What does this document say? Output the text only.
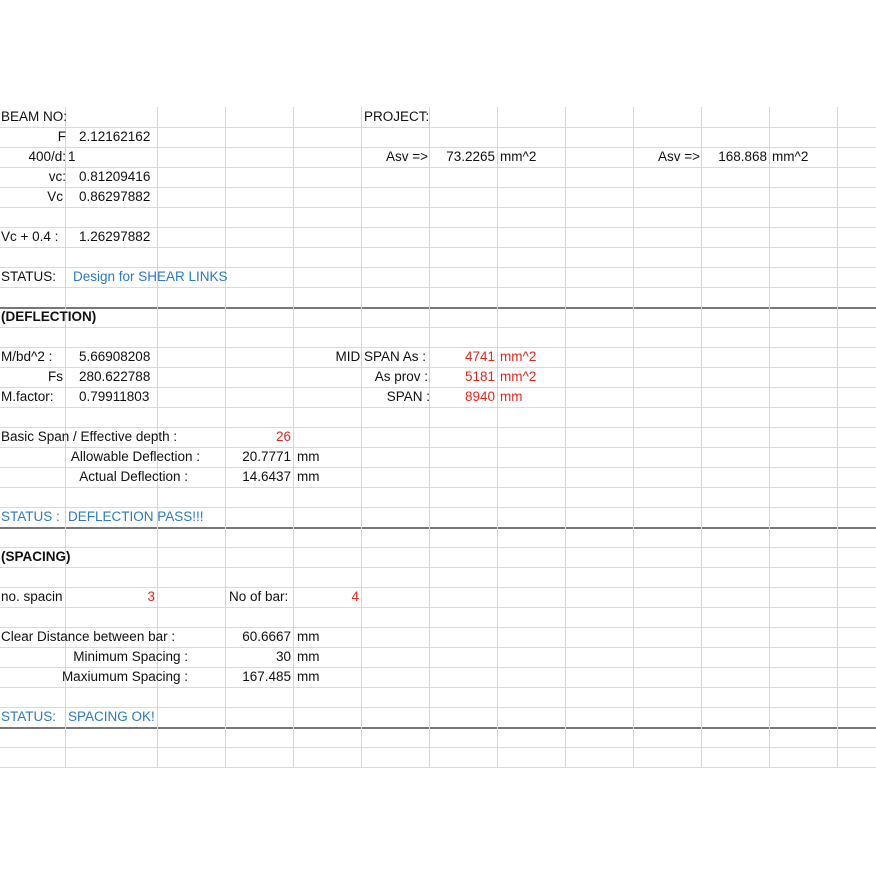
BEAM NO:	PROJECT:
F 2.12162162
400/d: 1	Asv =>	73.2265 mm^2	Asv =>	168.868 mm^2
vc: 0.81209416
Vc 0.86297882
Vc + 0.4 : 1.26297882
STATUS: Design for SHEAR LINKS
(DEFLECTION)
M/bd^2 : 5.66908208	MID SPAN As :	4741 mm^2
Fs 280.622788	As prov :	5181 mm^2
M.factor: 0.79911803	SPAN :	8940 mm
Basic Span / Effective depth :	26
Allowable Deflection :	20.7771 mm
Actual Deflection :	14.6437 mm
STATUS : DEFLECTION PASS!!!
(SPACING)
no. spacin	3	No of bar:	4
Clear Distance between bar :	60.6667 mm
Minimum Spacing :	30 mm
Maxiumum Spacing :	167.485 mm
STATUS: SPACING OK!
